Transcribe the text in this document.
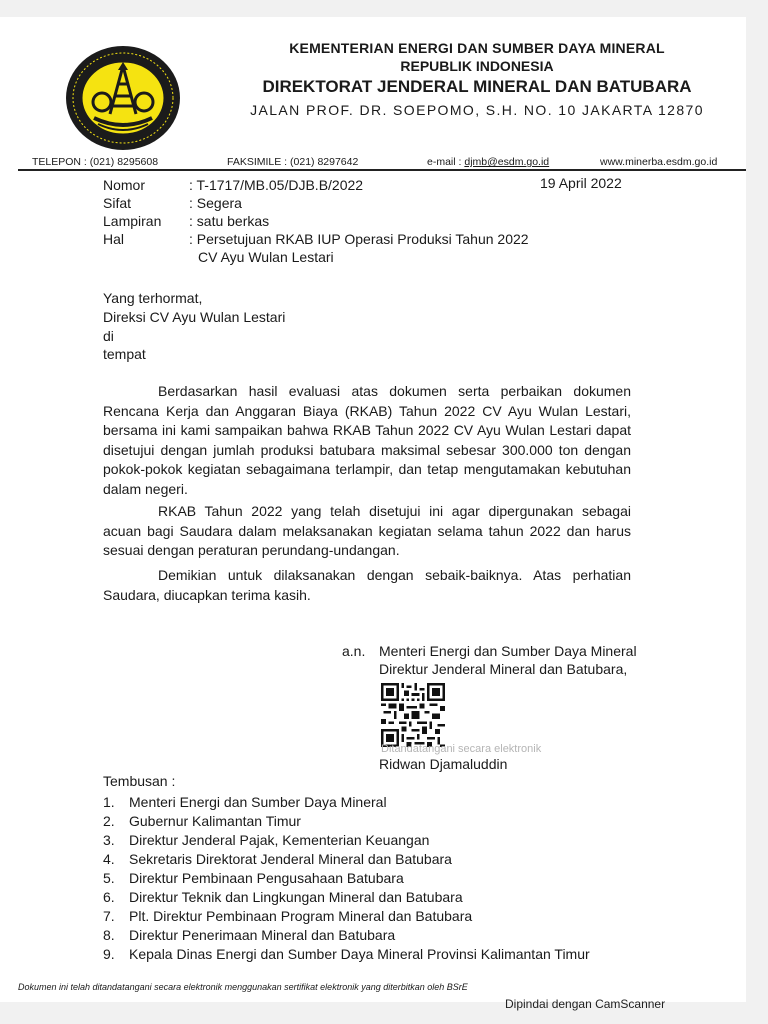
KEMENTERIAN ENERGI DAN SUMBER DAYA MINERAL
REPUBLIK INDONESIA
DIREKTORAT JENDERAL MINERAL DAN BATUBARA
JALAN PROF. DR. SOEPOMO, S.H. NO. 10 JAKARTA 12870
TELEPON : (021) 8295608	FAKSIMILE : (021) 8297642	e-mail : djmb@esdm.go.id	www.minerba.esdm.go.id
Nomor	: T-1717/MB.05/DJB.B/2022	19 April 2022
Sifat	: Segera
Lampiran : satu berkas
Hal	: Persetujuan RKAB IUP Operasi Produksi Tahun 2022
CV Ayu Wulan Lestari
Yang terhormat,
Direksi CV Ayu Wulan Lestari
di
tempat
Berdasarkan hasil evaluasi atas dokumen serta perbaikan dokumen
Rencana Kerja dan Anggaran Biaya (RKAB) Tahun 2022 CV Ayu Wulan Lestari,
bersama ini kami sampaikan bahwa RKAB Tahun 2022 CV Ayu Wulan Lestari dapat
disetujui dengan jumlah produksi batubara maksimal sebesar 300.000 ton dengan
pokok-pokok kegiatan sebagaimana terlampir, dan tetap mengutamakan kebutuhan
dalam negeri.
RKAB Tahun 2022 yang telah disetujui ini agar dipergunakan sebagai
acuan bagi Saudara dalam melaksanakan kegiatan selama tahun 2022 dan harus
sesuai dengan peraturan perundang-undangan.
Demikian untuk dilaksanakan dengan sebaik-baiknya. Atas perhatian
Saudara, diucapkan terima kasih.
a.n. Menteri Energi dan Sumber Daya Mineral
Direktur Jenderal Mineral dan Batubara,
Ditandatangani secara elektronik
Ridwan Djamaluddin
Tembusan :
1. Menteri Energi dan Sumber Daya Mineral
2. Gubernur Kalimantan Timur
3. Direktur Jenderal Pajak, Kementerian Keuangan
4. Sekretaris Direktorat Jenderal Mineral dan Batubara
5. Direktur Pembinaan Pengusahaan Batubara
6. Direktur Teknik dan Lingkungan Mineral dan Batubara
7. Plt. Direktur Pembinaan Program Mineral dan Batubara
8. Direktur Penerimaan Mineral dan Batubara
9. Kepala Dinas Energi dan Sumber Daya Mineral Provinsi Kalimantan Timur
Dokumen ini telah ditandatangani secara elektronik menggunakan sertifikat elektronik yang diterbitkan oleh BSrE
Dipindai dengan CamScanner
